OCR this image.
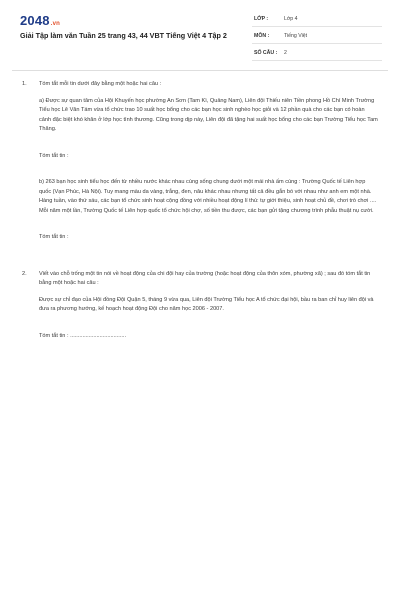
2048.vn
Giải Tập làm văn Tuần 25 trang 43, 44 VBT Tiếng Việt 4 Tập 2
LỚP :	Lớp 4
MÔN :	Tiếng Việt
SỐ CÂU : 2
1. Tóm tắt mỗi tin dưới đây bằng một hoặc hai câu :

a) Được sự quan tâm của Hội Khuyến học phường An Sơn (Tam Kì, Quảng Nam), Liên đội Thiếu niên Tiền phong Hồ Chí Minh Trường Tiểu học Lê Văn Tám vừa tổ chức trao 10 suất học bổng cho các bạn học sinh nghèo học giỏi và 12 phần quà cho các bạn có hoàn cảnh đặc biệt khó khăn ở lớp học tình thương. Cũng trong dịp này, Liên đội đã tặng hai suất học bổng cho các bạn Trường Tiểu học Tam Thăng.

Tóm tắt tin :

b) 263 bạn học sinh tiểu học đến từ nhiều nước khác nhau cùng sống chung dưới một mái nhà ấm cúng : Trường Quốc tế Liên hợp quốc (Vạn Phúc, Hà Nội). Tuy mang màu da vàng, trắng, đen, nâu khác nhau nhưng tất cả đều gắn bó với nhau như anh em một nhà. Hàng tuần, vào thứ sáu, các bạn tổ chức sinh hoạt cộng đồng với nhiều hoạt động lí thú: tự giới thiệu, sinh hoạt chủ đề, chơi trò chơi .... Mỗi năm một lần, Trường Quốc tế Liên hợp quốc tổ chức hội chợ, số tiền thu được, các bạn gửi tặng chương trình phẫu thuật nụ cười.

Tóm tắt tin :

2. Viết vào chỗ trống một tin nói về hoạt động của chi đội hay của trường (hoặc hoạt động của thôn xóm, phường xã) ; sau đó tóm tắt tin bằng một hoặc hai câu :

Được sự chỉ đạo của Hội đồng Đội Quận 5, tháng 9 vừa qua, Liên đội Trường Tiểu học A tổ chức đại hội, bầu ra ban chỉ huy liên đội và đưa ra phương hướng, kế hoạch hoạt động Đội cho năm học 2006 - 2007.

Tóm tắt tin : ....................................
